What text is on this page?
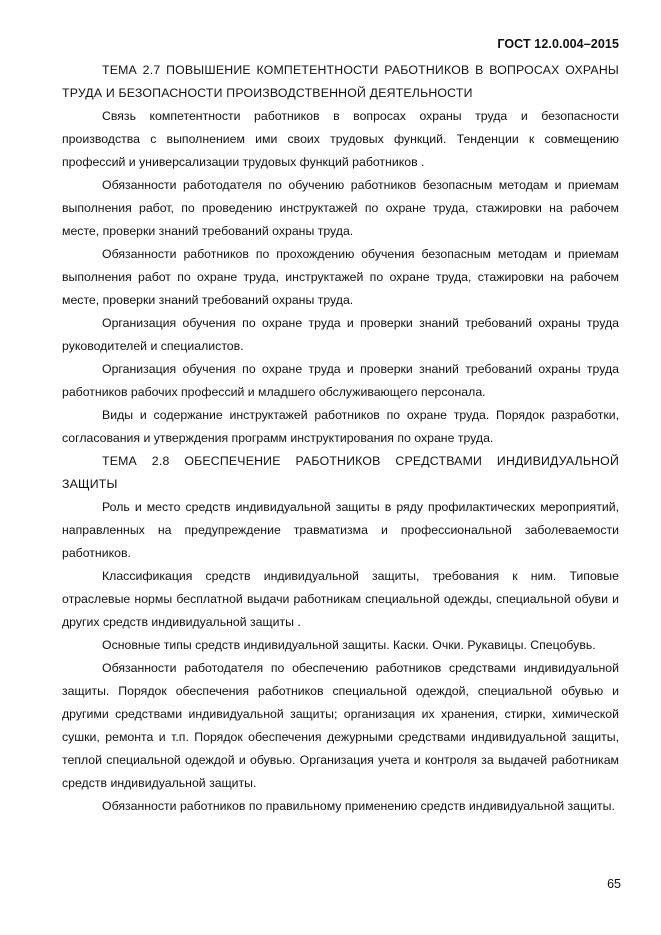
ГОСТ 12.0.004–2015

ТЕМА 2.7 ПОВЫШЕНИЕ КОМПЕТЕНТНОСТИ РАБОТНИКОВ В ВОПРОСАХ ОХРАНЫ ТРУДА И БЕЗОПАСНОСТИ ПРОИЗВОДСТВЕННОЙ ДЕЯТЕЛЬНОСТИ

Связь компетентности работников в вопросах охраны труда и безопасности производства с выполнением ими своих трудовых функций. Тенденции к совмещению профессий и универсализации трудовых функций работников .

Обязанности работодателя по обучению работников безопасным методам и приемам выполнения работ, по проведению инструктажей по охране труда, стажировки на рабочем месте, проверки знаний требований охраны труда.

Обязанности работников по прохождению обучения безопасным методам и приемам выполнения работ по охране труда, инструктажей по охране труда, стажировки на рабочем месте, проверки знаний требований охраны труда.

Организация обучения по охране труда и проверки знаний требований охраны труда руководителей и специалистов.

Организация обучения по охране труда и проверки знаний требований охраны труда работников рабочих профессий и младшего обслуживающего персонала.

Виды и содержание инструктажей работников по охране труда. Порядок разработки, согласования и утверждения программ инструктирования по охране труда.

ТЕМА 2.8 ОБЕСПЕЧЕНИЕ РАБОТНИКОВ СРЕДСТВАМИ ИНДИВИДУАЛЬНОЙ ЗАЩИТЫ

Роль и место средств индивидуальной защиты в ряду профилактических мероприятий, направленных на предупреждение травматизма и профессиональной заболеваемости работников.

Классификация средств индивидуальной защиты, требования к ним. Типовые отраслевые нормы бесплатной выдачи работникам специальной одежды, специальной обуви и других средств индивидуальной защиты .

Основные типы средств индивидуальной защиты. Каски. Очки. Рукавицы. Спецобувь.

Обязанности работодателя по обеспечению работников средствами индивидуальной защиты. Порядок обеспечения работников специальной одеждой, специальной обувью и другими средствами индивидуальной защиты; организация их хранения, стирки, химической сушки, ремонта и т.п. Порядок обеспечения дежурными средствами индивидуальной защиты, теплой специальной одеждой и обувью. Организация учета и контроля за выдачей работникам средств индивидуальной защиты.

Обязанности работников по правильному применению средств индивидуальной защиты.

65
